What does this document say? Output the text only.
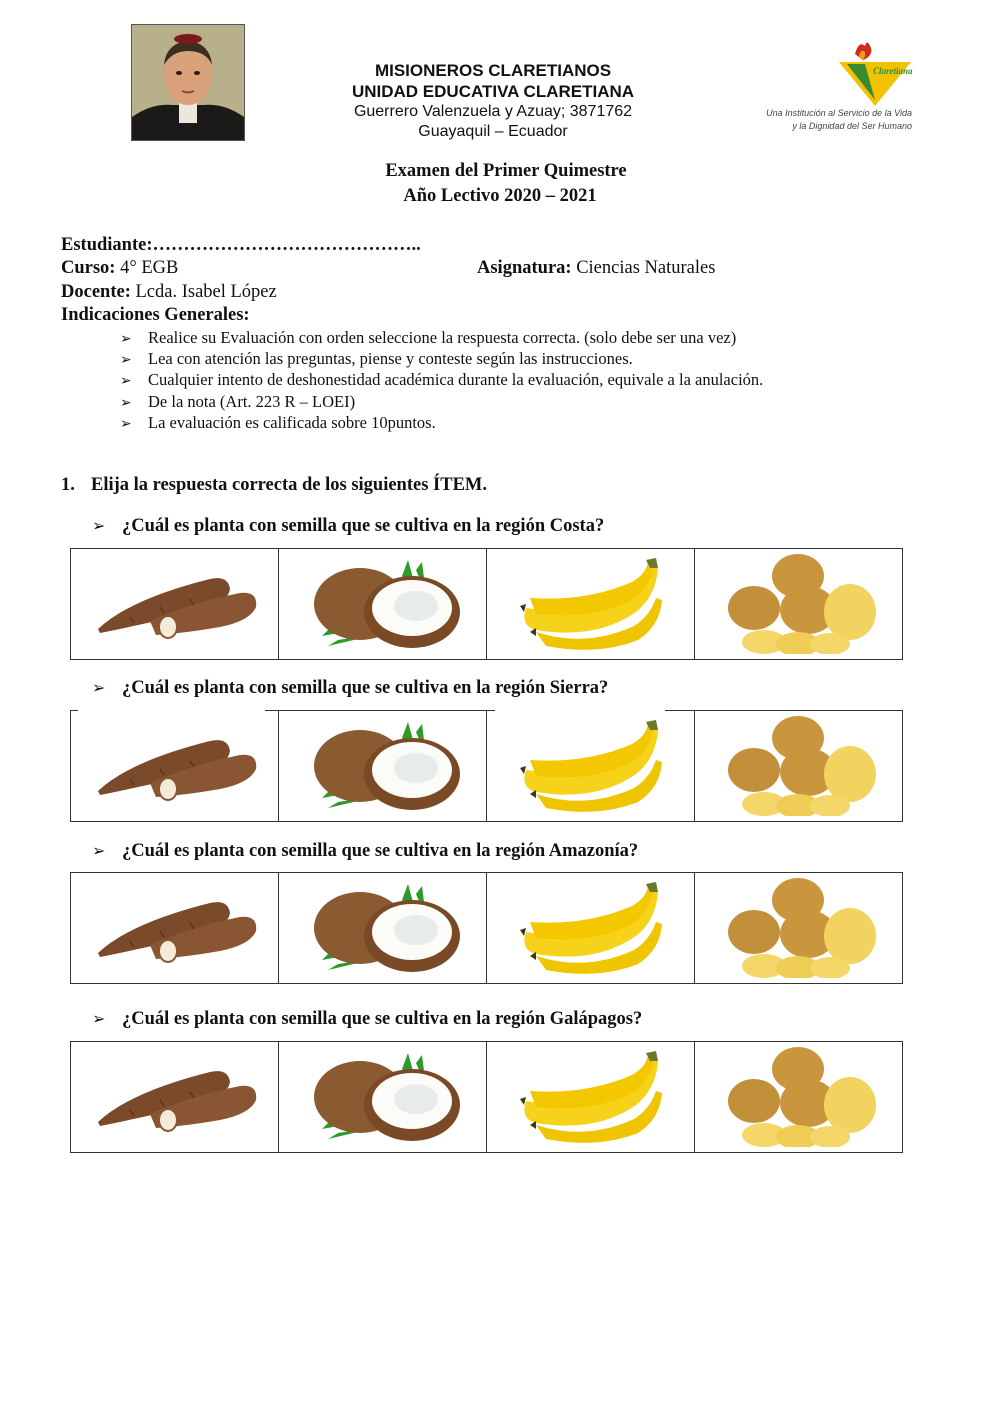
MISIONEROS CLARETIANOS
UNIDAD EDUCATIVA CLARETIANA
Guerrero Valenzuela y Azuay; 3871762
Guayaquil – Ecuador
Claretiana
Una Institución al Servicio de la Vida
y la Dignidad del Ser Humano
Examen del Primer Quimestre
Año Lectivo 2020 – 2021
Estudiante:……………………………………..
Curso: 4° EGB	Asignatura: Ciencias Naturales
Docente: Lcda. Isabel López
Indicaciones Generales:
➢ Realice su Evaluación con orden seleccione la respuesta correcta. (solo debe ser una vez)
➢ Lea con atención las preguntas, piense y conteste según las instrucciones.
➢ Cualquier intento de deshonestidad académica durante la evaluación, equivale a la anulación.
➢ De la nota (Art. 223 R – LOEI)
➢ La evaluación es calificada sobre 10puntos.
1. Elija la respuesta correcta de los siguientes ÍTEM.
➢ ¿Cuál es planta con semilla que se cultiva en la región Costa?
➢ ¿Cuál es planta con semilla que se cultiva en la región Sierra?
➢ ¿Cuál es planta con semilla que se cultiva en la región Amazonía?
➢ ¿Cuál es planta con semilla que se cultiva en la región Galápagos?
